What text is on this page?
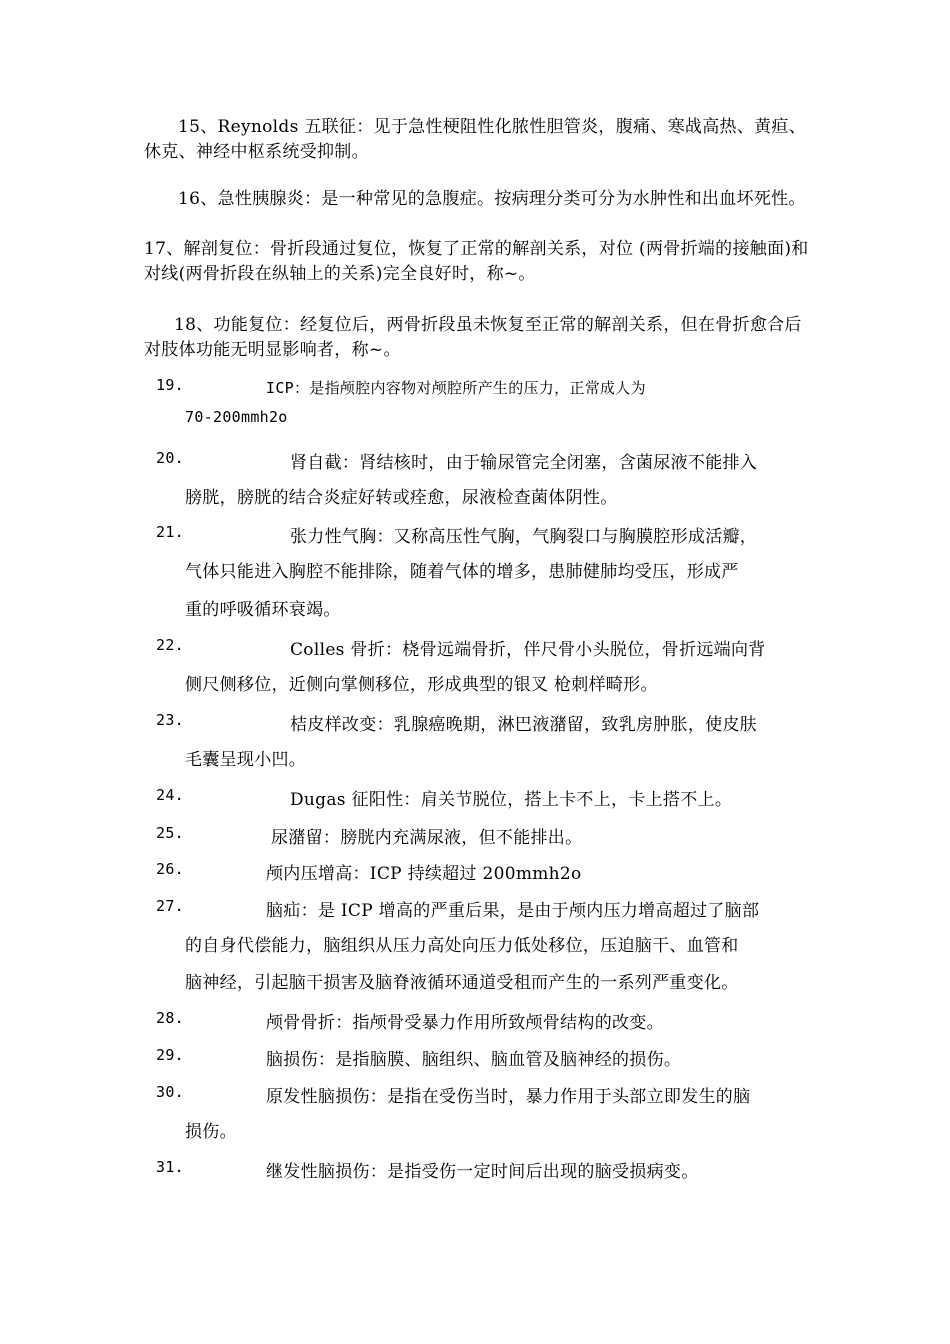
15、Reynolds 五联征：见于急性梗阻性化脓性胆管炎，腹痛、寒战高热、黄疸、休克、神经中枢系统受抑制。
16、急性胰腺炎：是一种常见的急腹症。按病理分类可分为水肿性和出血坏死性。
17、解剖复位：骨折段通过复位，恢复了正常的解剖关系，对位 (两骨折端的接触面)和对线(两骨折段在纵轴上的关系)完全良好时，称~。
18、功能复位：经复位后，两骨折段虽未恢复至正常的解剖关系，但在骨折愈合后对肢体功能无明显影响者，称~。
19.	ICP：是指颅腔内容物对颅腔所产生的压力，正常成人为
70-200mmh2o
20.	肾自截：肾结核时，由于输尿管完全闭塞，含菌尿液不能排入
膀胱，膀胱的结合炎症好转或痊愈，尿液检查菌体阴性。
21.	张力性气胸：又称高压性气胸，气胸裂口与胸膜腔形成活瓣，
气体只能进入胸腔不能排除，随着气体的增多，患肺健肺均受压，形成严
重的呼吸循环衰竭。
22.	Colles 骨折：桡骨远端骨折，伴尺骨小头脱位，骨折远端向背
侧尺侧移位，近侧向掌侧移位，形成典型的银叉 枪刺样畸形。
23.	桔皮样改变：乳腺癌晚期，淋巴液潴留，致乳房肿胀，使皮肤
毛囊呈现小凹。
24.	Dugas 征阳性：肩关节脱位，搭上卡不上，卡上搭不上。
25.	尿潴留：膀胱内充满尿液，但不能排出。
26.	颅内压增高：ICP 持续超过 200mmh2o
27.	脑疝：是 ICP 增高的严重后果，是由于颅内压力增高超过了脑部
的自身代偿能力，脑组织从压力高处向压力低处移位，压迫脑干、血管和
脑神经，引起脑干损害及脑脊液循环通道受租而产生的一系列严重变化。
28.	颅骨骨折：指颅骨受暴力作用所致颅骨结构的改变。
29.	脑损伤：是指脑膜、脑组织、脑血管及脑神经的损伤。
30.	原发性脑损伤：是指在受伤当时，暴力作用于头部立即发生的脑
损伤。
31.	继发性脑损伤：是指受伤一定时间后出现的脑受损病变。
